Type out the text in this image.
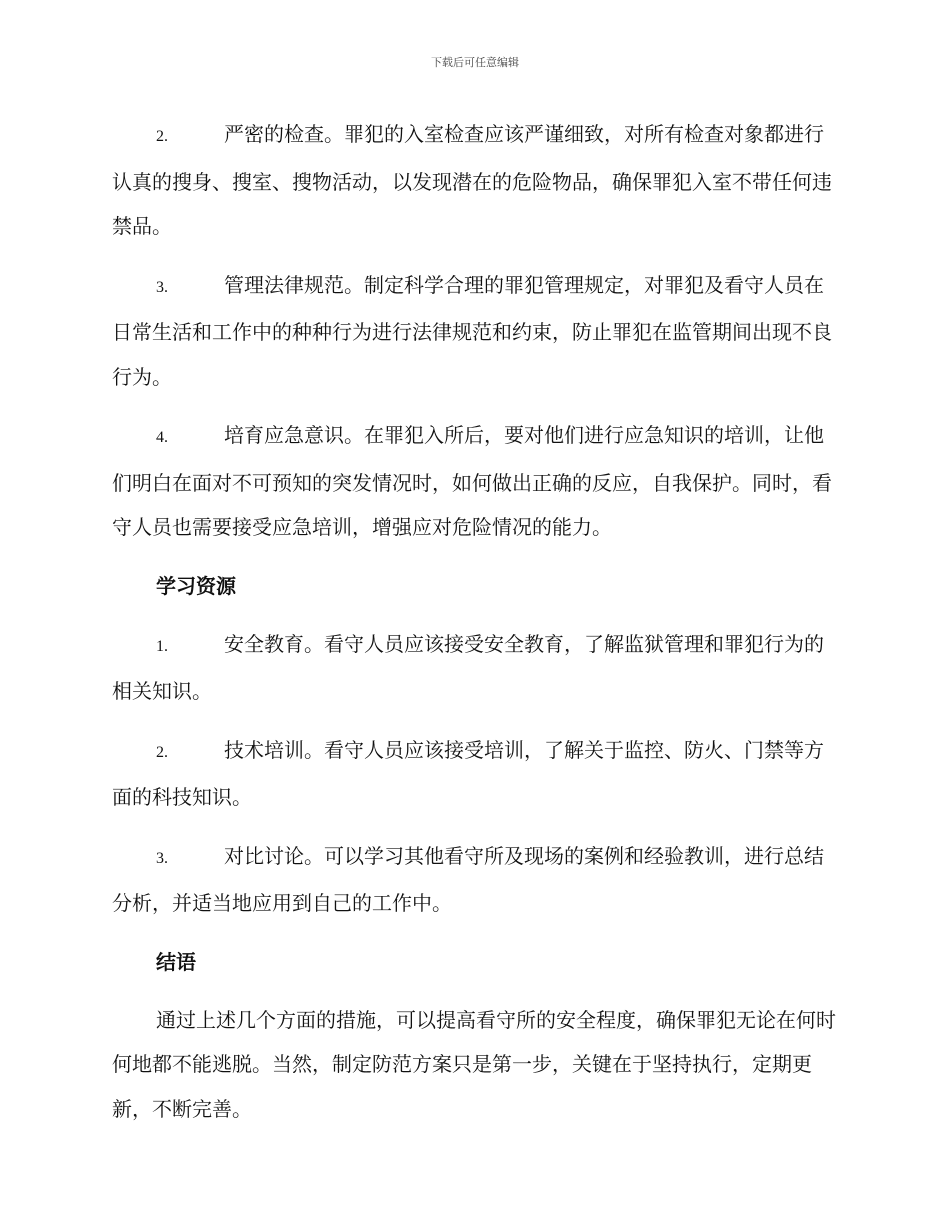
下载后可任意编辑

2.	严密的检查。罪犯的入室检查应该严谨细致，对所有检查对象都进行认真的搜身、搜室、搜物活动，以发现潜在的危险物品，确保罪犯入室不带任何违禁品。

3.	管理法律规范。制定科学合理的罪犯管理规定，对罪犯及看守人员在日常生活和工作中的种种行为进行法律规范和约束，防止罪犯在监管期间出现不良行为。

4.	培育应急意识。在罪犯入所后，要对他们进行应急知识的培训，让他们明白在面对不可预知的突发情况时，如何做出正确的反应，自我保护。同时，看守人员也需要接受应急培训，增强应对危险情况的能力。

学习资源

1.	安全教育。看守人员应该接受安全教育，了解监狱管理和罪犯行为的相关知识。

2.	技术培训。看守人员应该接受培训，了解关于监控、防火、门禁等方面的科技知识。

3.	对比讨论。可以学习其他看守所及现场的案例和经验教训，进行总结分析，并适当地应用到自己的工作中。

结语

通过上述几个方面的措施，可以提高看守所的安全程度，确保罪犯无论在何时何地都不能逃脱。当然，制定防范方案只是第一步，关键在于坚持执行，定期更新，不断完善。
